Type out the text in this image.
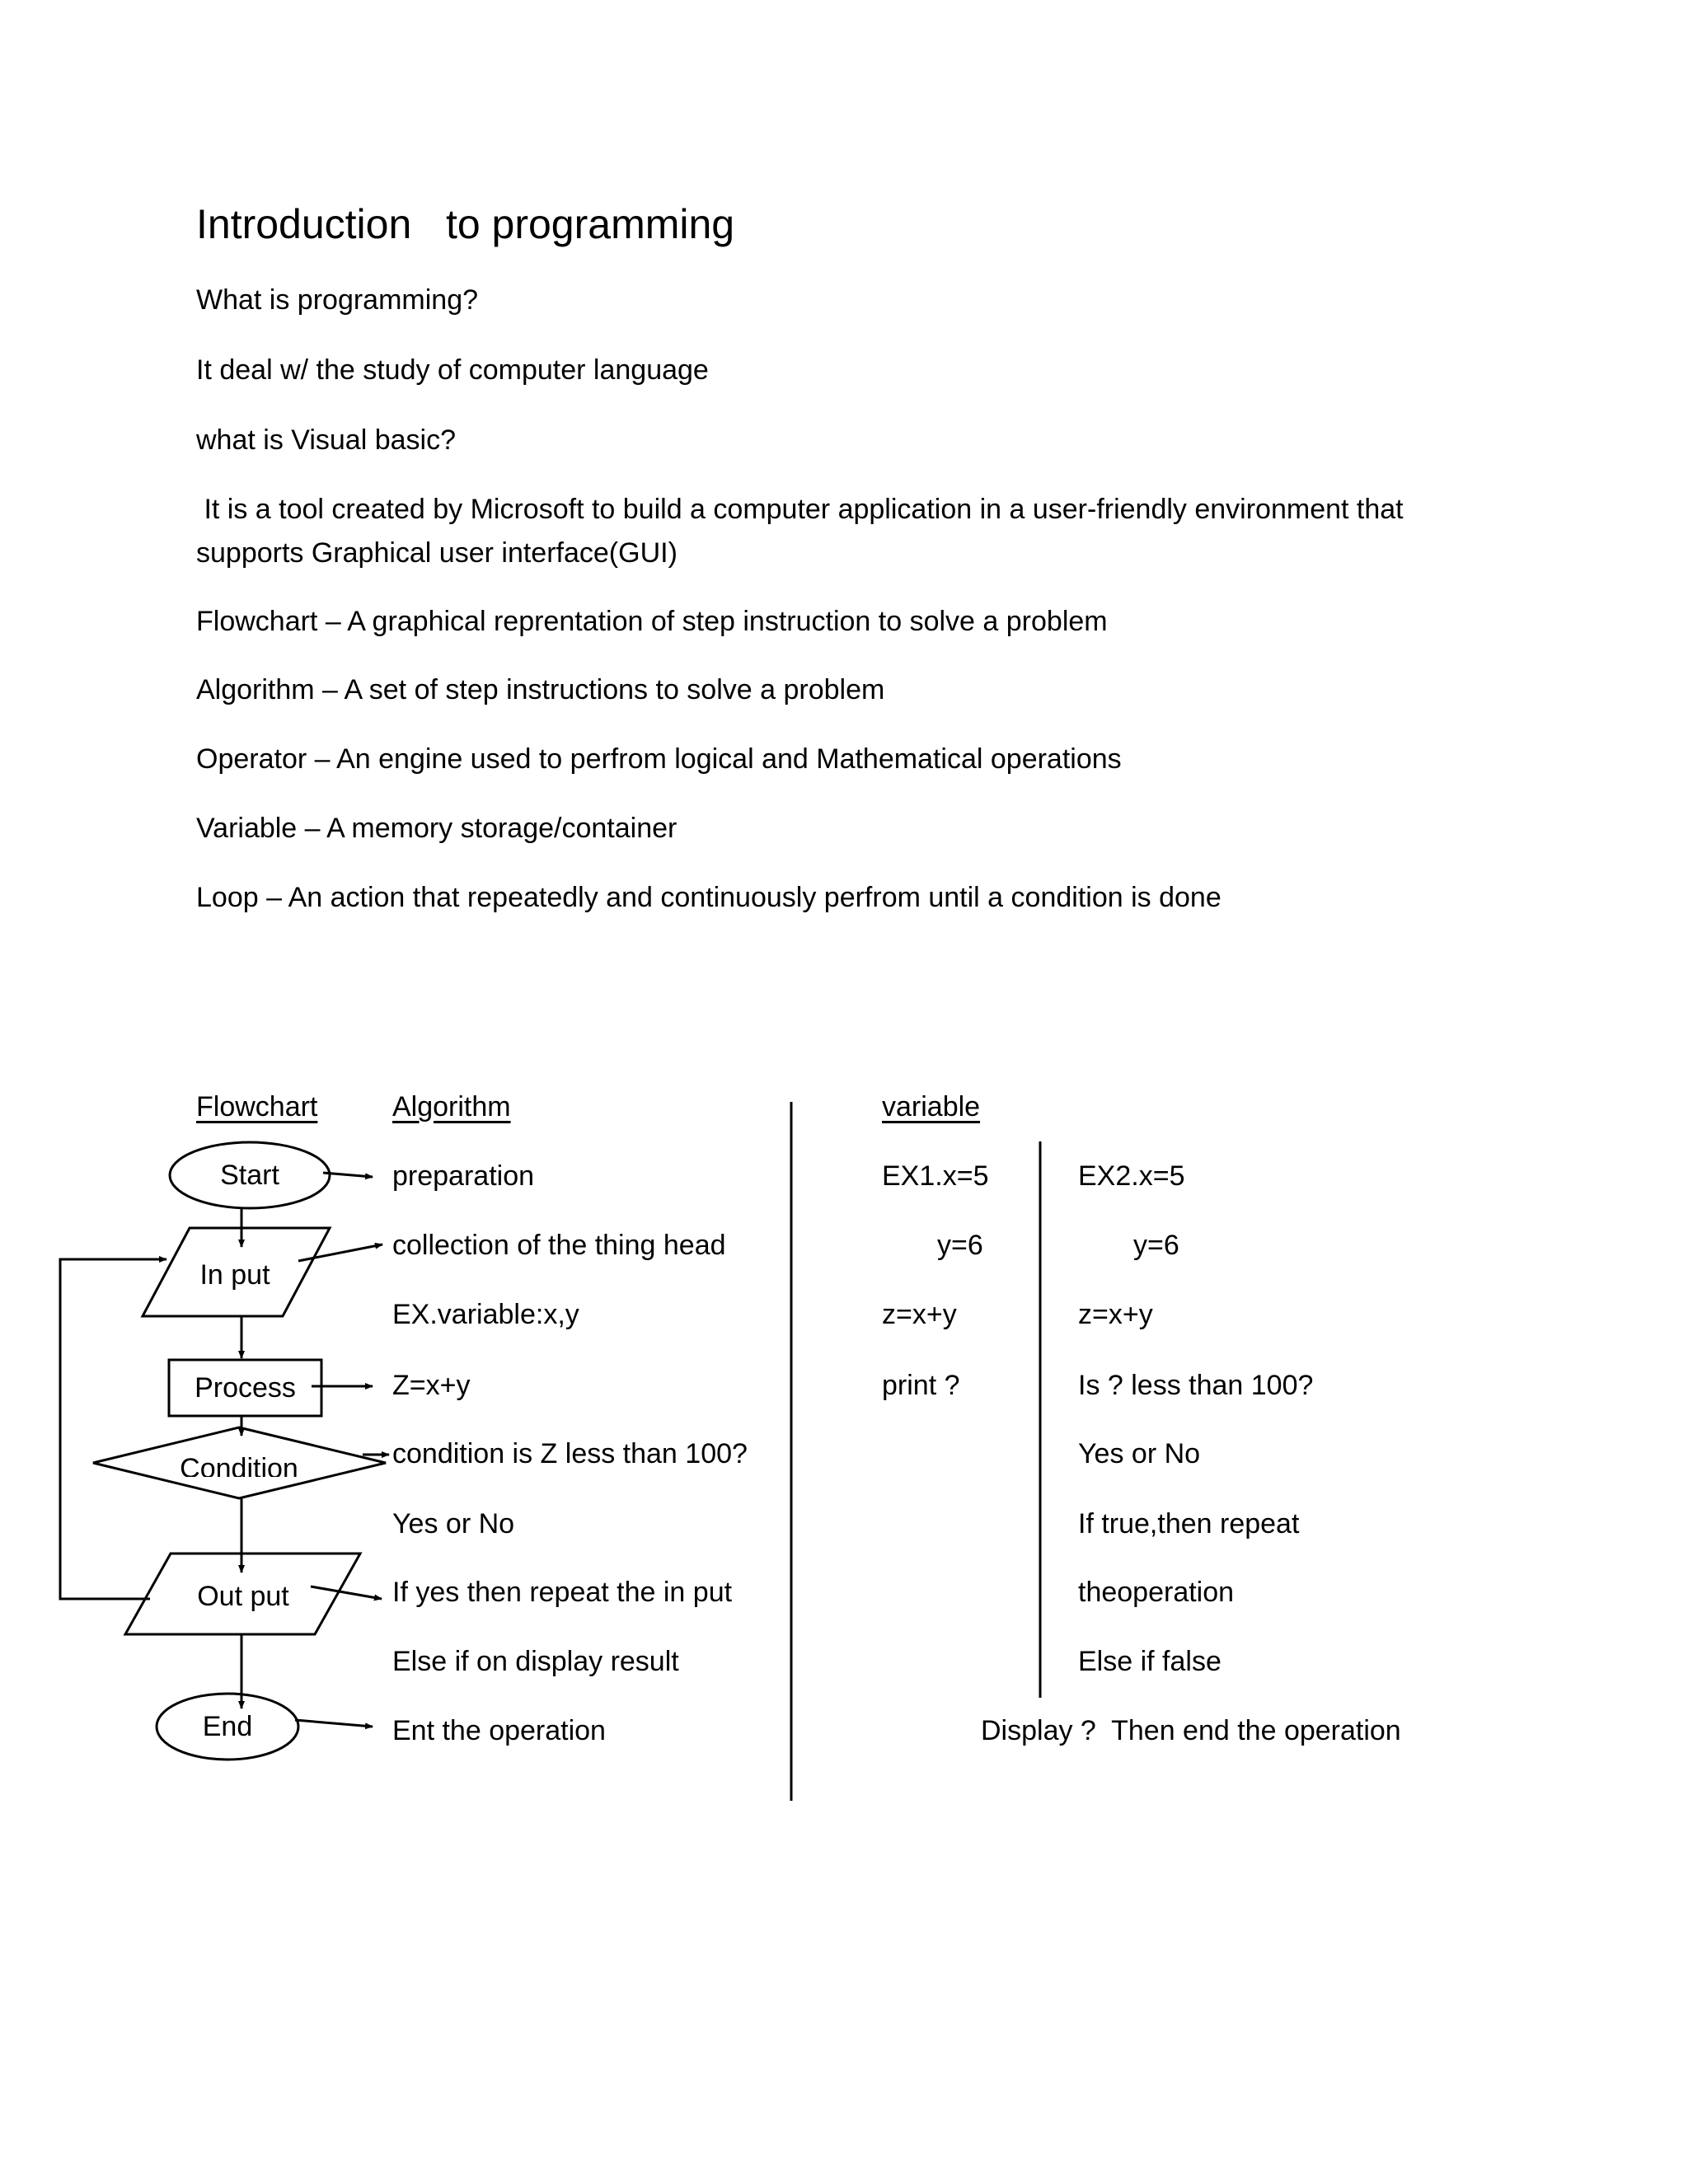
Introduction   to programming
What is programming?
It deal w/ the study of computer language
what is Visual basic?
It is a tool created by Microsoft to build a computer application in a user-friendly environment that
supports Graphical user interface(GUI)
Flowchart – A graphical reprentation of step instruction to solve a problem
Algorithm – A set of step instructions to solve a problem
Operator – An engine used to perfrom logical and Mathematical operations
Variable – A memory storage/container
Loop – An action that repeatedly and continuously perfrom until a condition is done
Start
In put
Process
Condition
Out put
End
Flowchart	Algorithm	variable
preparation
collection of the thing head
EX.variable:x,y
Z=x+y
condition is Z less than 100?
Yes or No
If yes then repeat the in put
Else if on display result
Ent the operation
EX1.x=5
y=6
z=x+y
print ?
EX2.x=5
y=6
z=x+y
Is ? less than 100?
Yes or No
If true,then repeat
theoperation
Else if false
Display ?  Then end the operation
